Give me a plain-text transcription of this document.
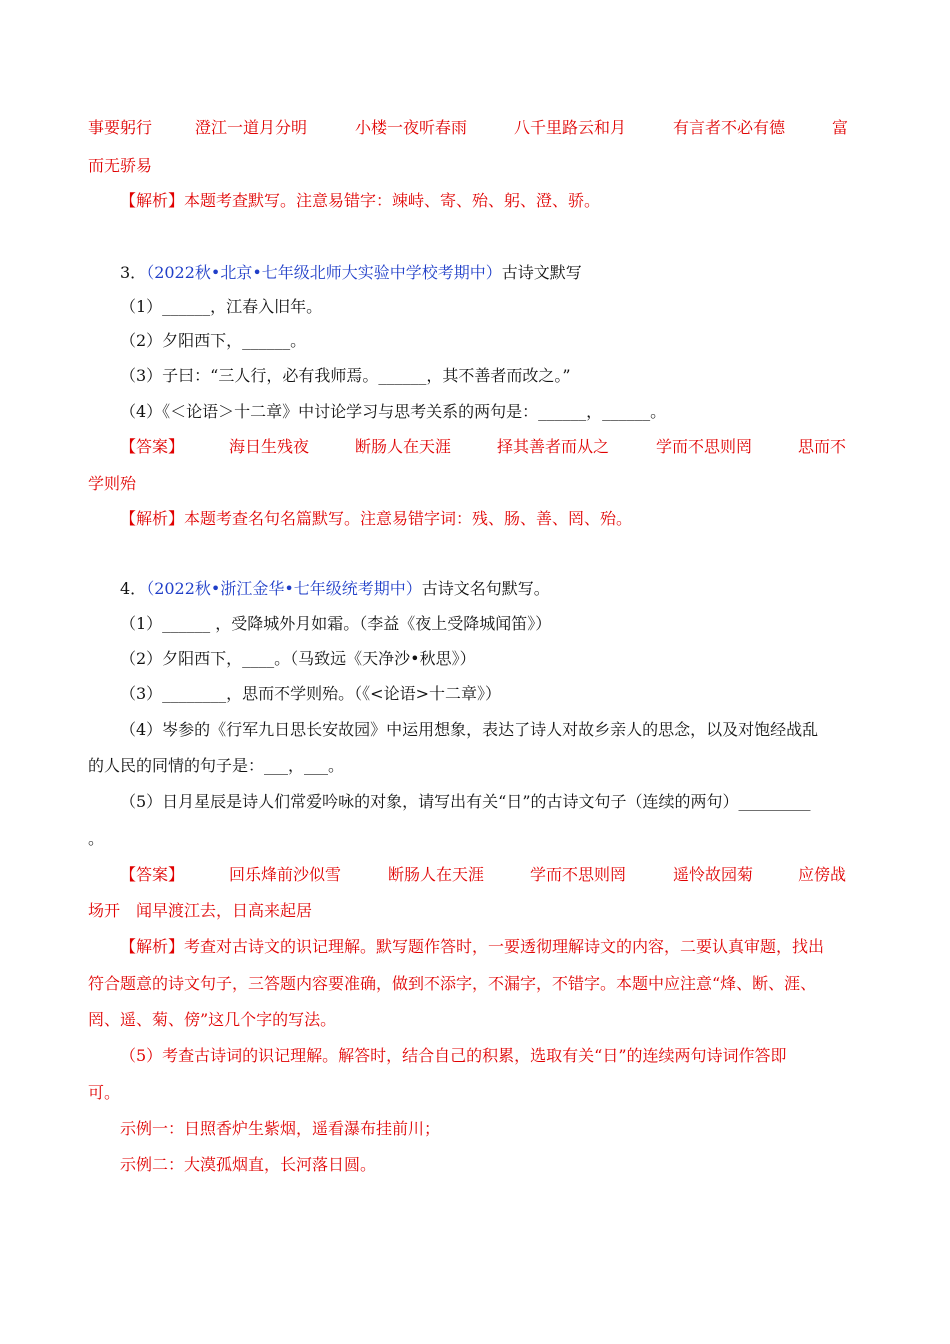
事要躬行	澄江一道月分明	小楼一夜听春雨	八千里路云和月	有言者不必有德	富
而无骄易
【解析】本题考查默写。注意易错字：竦峙、寄、殆、躬、澄、骄。
3．（2022秋•北京•七年级北师大实验中学校考期中）古诗文默写
（1）______，江春入旧年。
（2）夕阳西下，______。
（3）子曰：“三人行，必有我师焉。______，其不善者而改之。”
（4）《＜论语＞十二章》中讨论学习与思考关系的两句是：______，______。
【答案】	海日生残夜	断肠人在天涯	择其善者而从之	学而不思则罔	思而不
学则殆
【解析】本题考查名句名篇默写。注意易错字词：残、肠、善、罔、殆。
4．（2022秋•浙江金华•七年级统考期中）古诗文名句默写。
（1）______ ，受降城外月如霜。（李益《夜上受降城闻笛》）
（2）夕阳西下，____。（马致远《天净沙•秋思》）
（3）________，思而不学则殆。（《<论语>十二章》）
（4）岑参的《行军九日思长安故园》中运用想象，表达了诗人对故乡亲人的思念，以及对饱经战乱
的人民的同情的句子是：___，___。
（5）日月星辰是诗人们常爱吟咏的对象，请写出有关“日”的古诗文句子（连续的两句）_________
。
【答案】	回乐烽前沙似雪	断肠人在天涯	学而不思则罔	遥怜故园菊	应傍战
场开 闻早渡江去，日高来起居
【解析】考查对古诗文的识记理解。默写题作答时，一要透彻理解诗文的内容，二要认真审题，找出
符合题意的诗文句子，三答题内容要准确，做到不添字，不漏字，不错字。本题中应注意“烽、断、涯、
罔、遥、菊、傍”这几个字的写法。
（5）考查古诗词的识记理解。解答时，结合自己的积累，选取有关“日”的连续两句诗词作答即
可。
示例一：日照香炉生紫烟，遥看瀑布挂前川；
示例二：大漠孤烟直，长河落日圆。
